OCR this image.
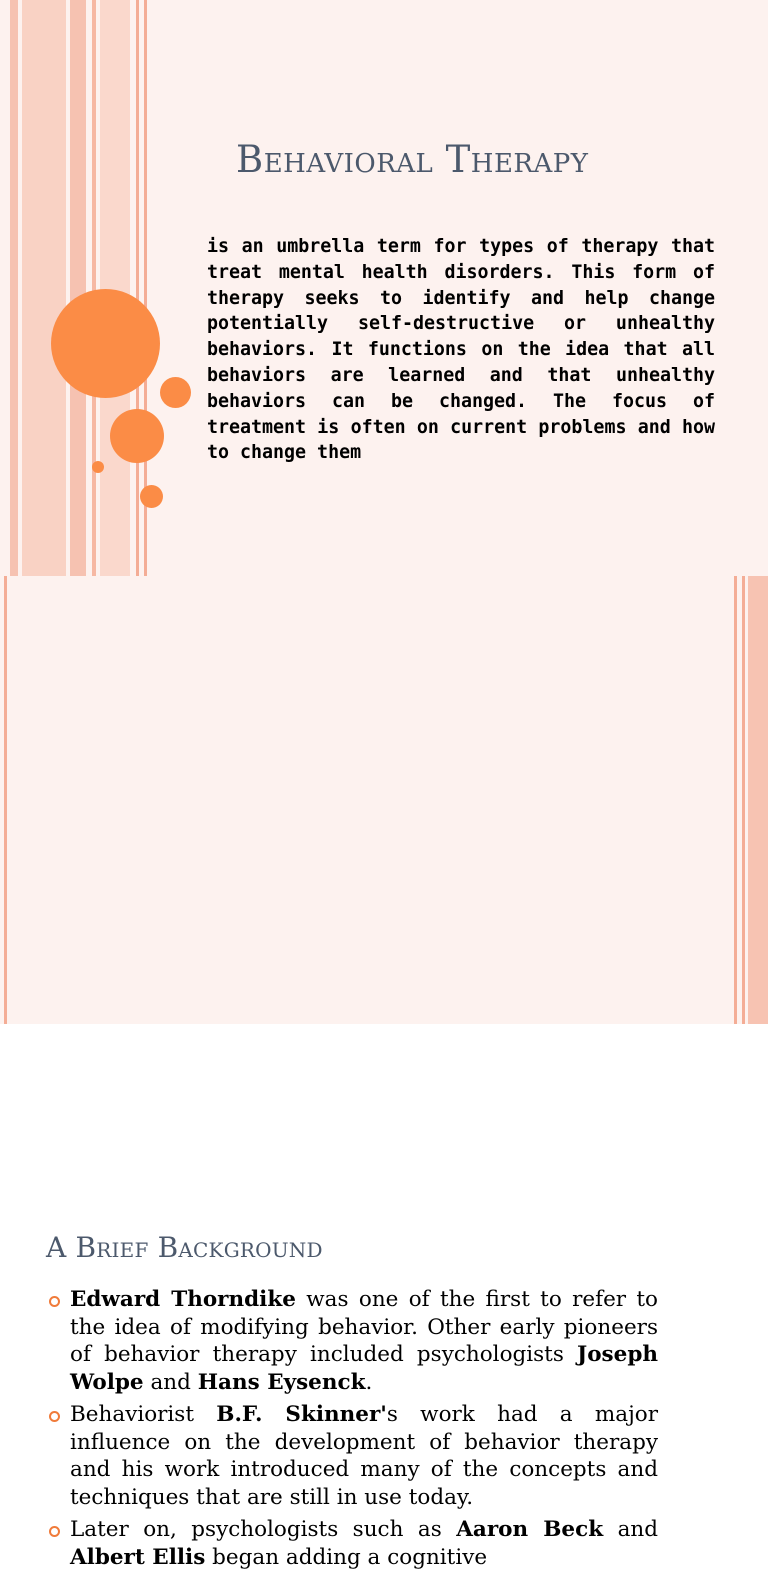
Behavioral Therapy

is an umbrella term for types of therapy that treat mental health disorders. This form of therapy seeks to identify and help change potentially self-destructive or unhealthy behaviors. It functions on the idea that all behaviors are learned and that unhealthy behaviors can be changed. The focus of treatment is often on current problems and how to change them

A Brief Background
Edward Thorndike was one of the first to refer to the idea of modifying behavior. Other early pioneers of behavior therapy included psychologists Joseph Wolpe and Hans Eysenck.
Behaviorist B.F. Skinner's work had a major influence on the development of behavior therapy and his work introduced many of the concepts and techniques that are still in use today.
Later on, psychologists such as Aaron Beck and Albert Ellis began adding a cognitive
